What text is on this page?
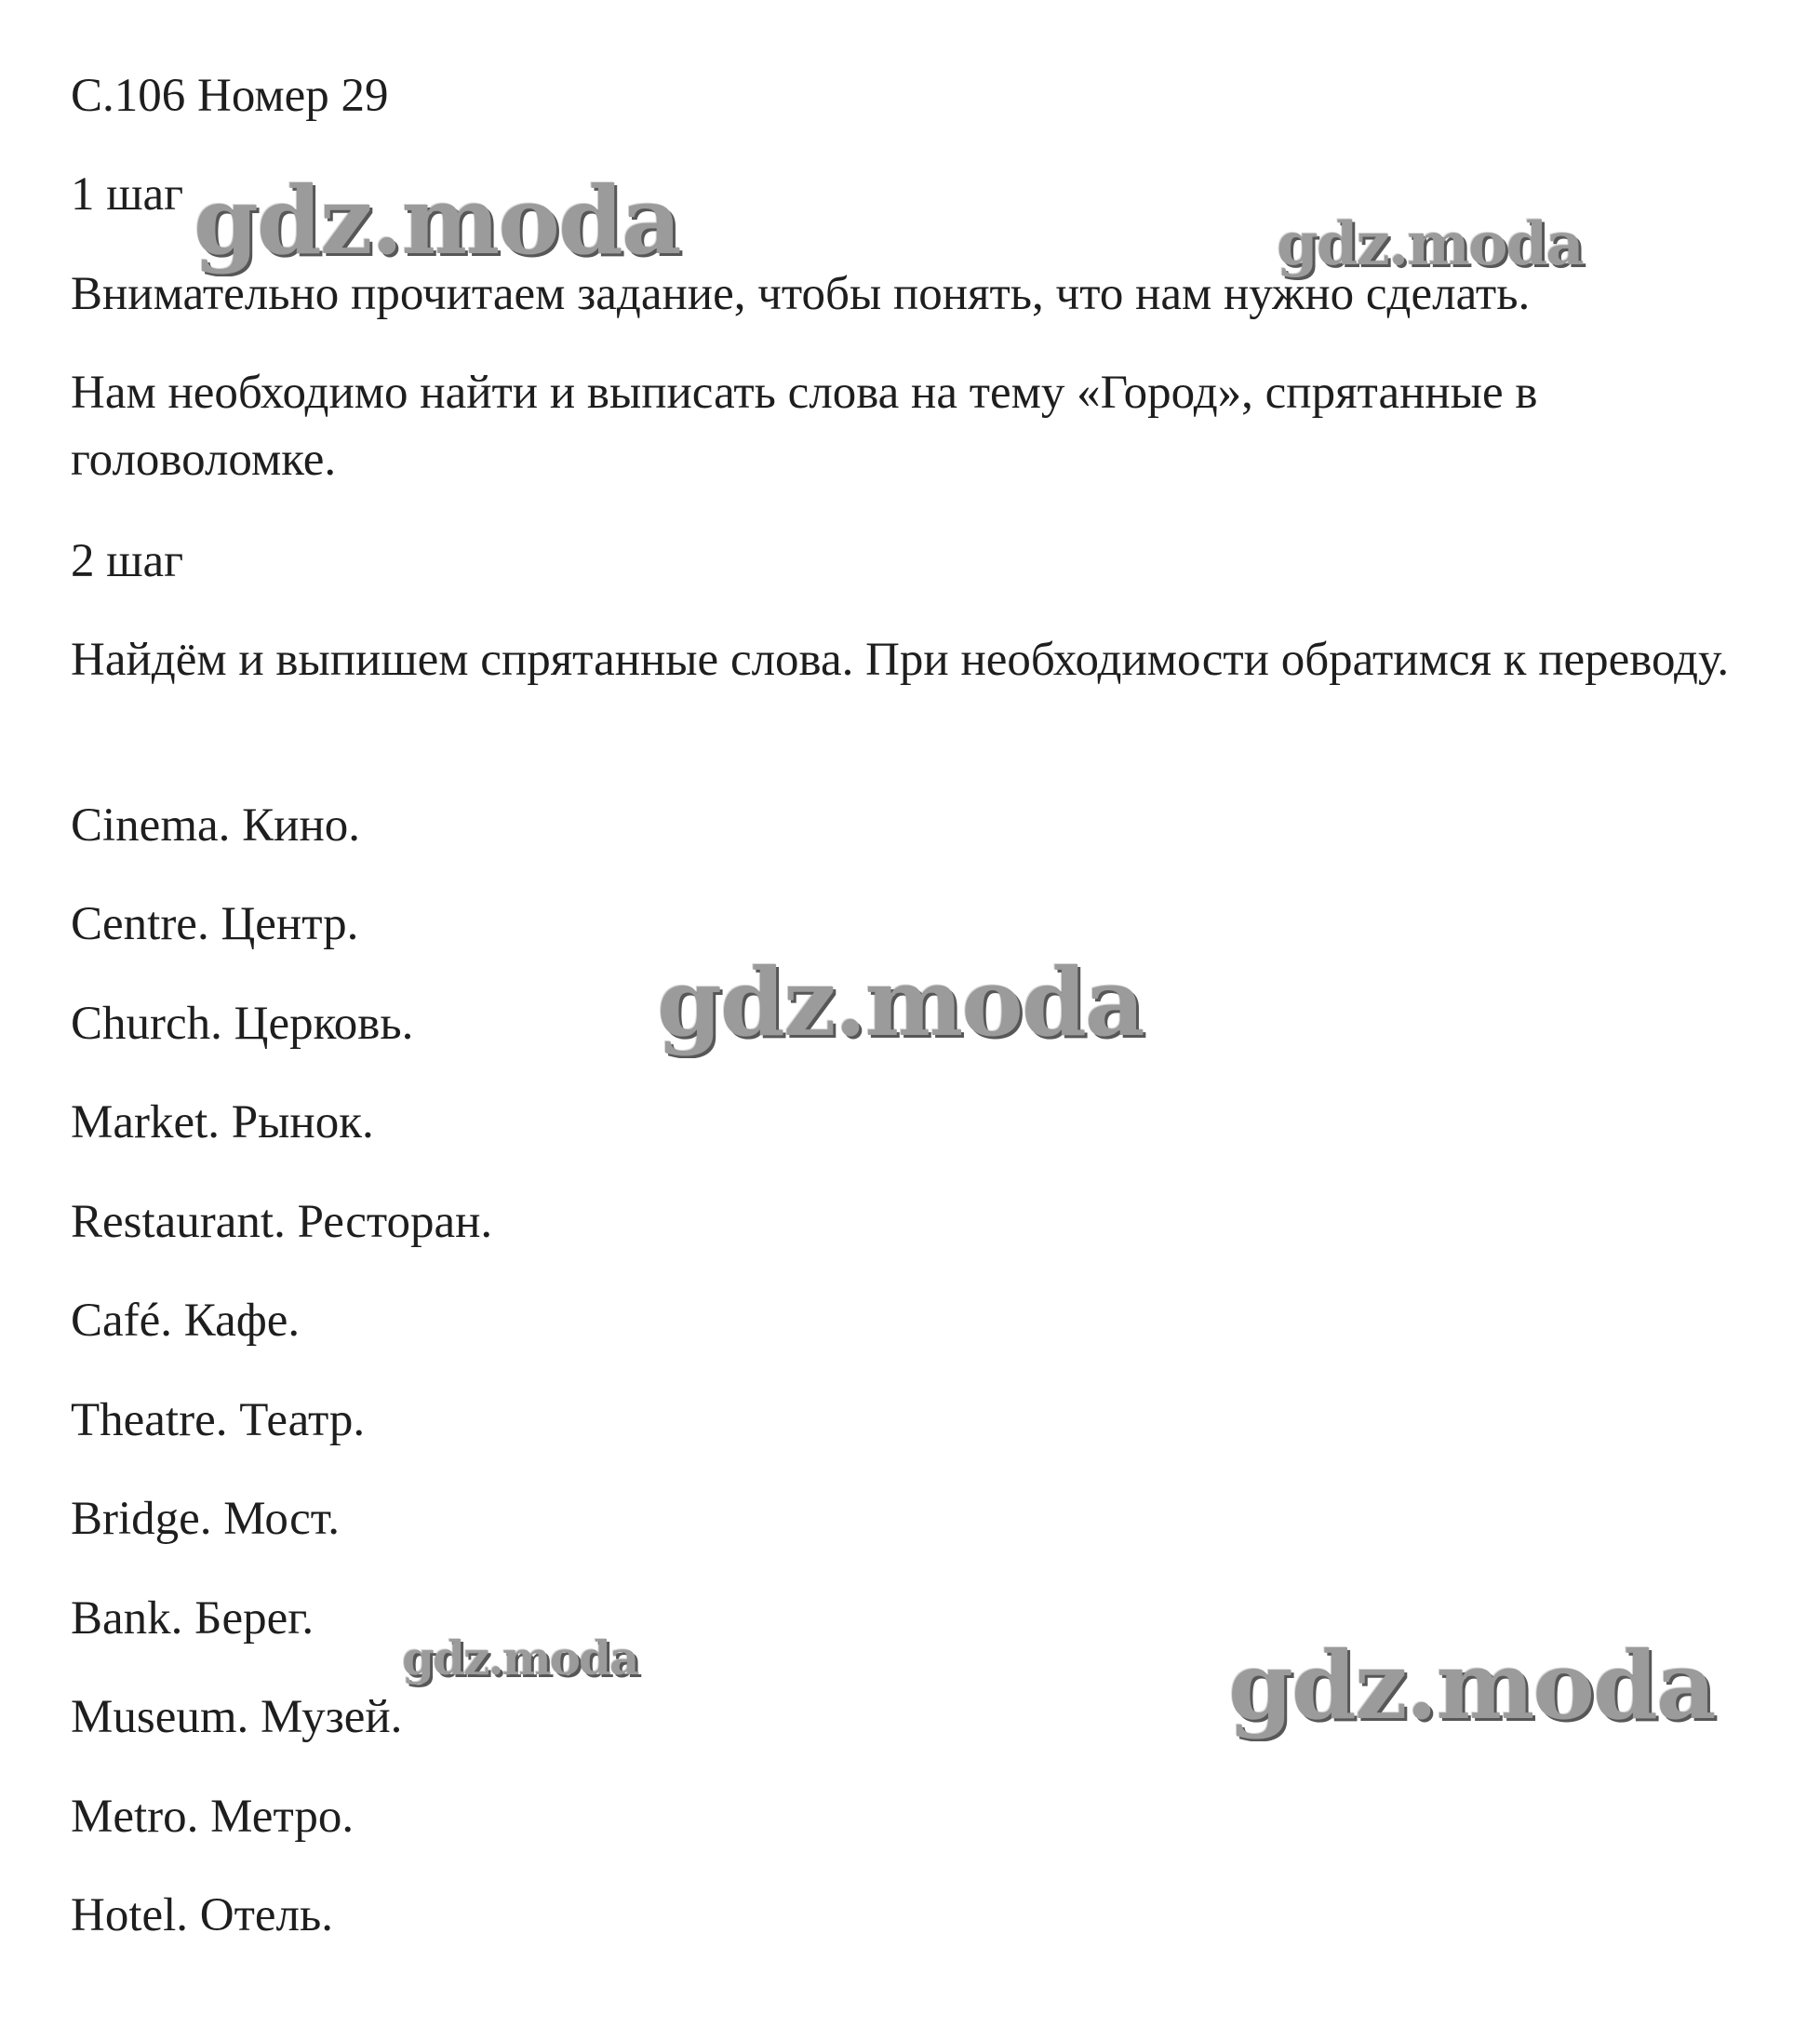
С.106 Номер 29
1 шаг
Внимательно прочитаем задание, чтобы понять, что нам нужно сделать.
Нам необходимо найти и выписать слова на тему «Город», спрятанные в головоломке.
2 шаг
Найдём и выпишем спрятанные слова. При необходимости обратимся к переводу.
Cinema. Кино.
Centre. Центр.
Church. Церковь.
Market. Рынок.
Restaurant. Ресторан.
Café. Кафе.
Theatre. Театр.
Bridge. Мост.
Bank. Берег.
Museum. Музей.
Metro. Метро.
Hotel. Отель.
gdz.moda	gdz.moda
gdz.moda
gdz.moda	gdz.moda
